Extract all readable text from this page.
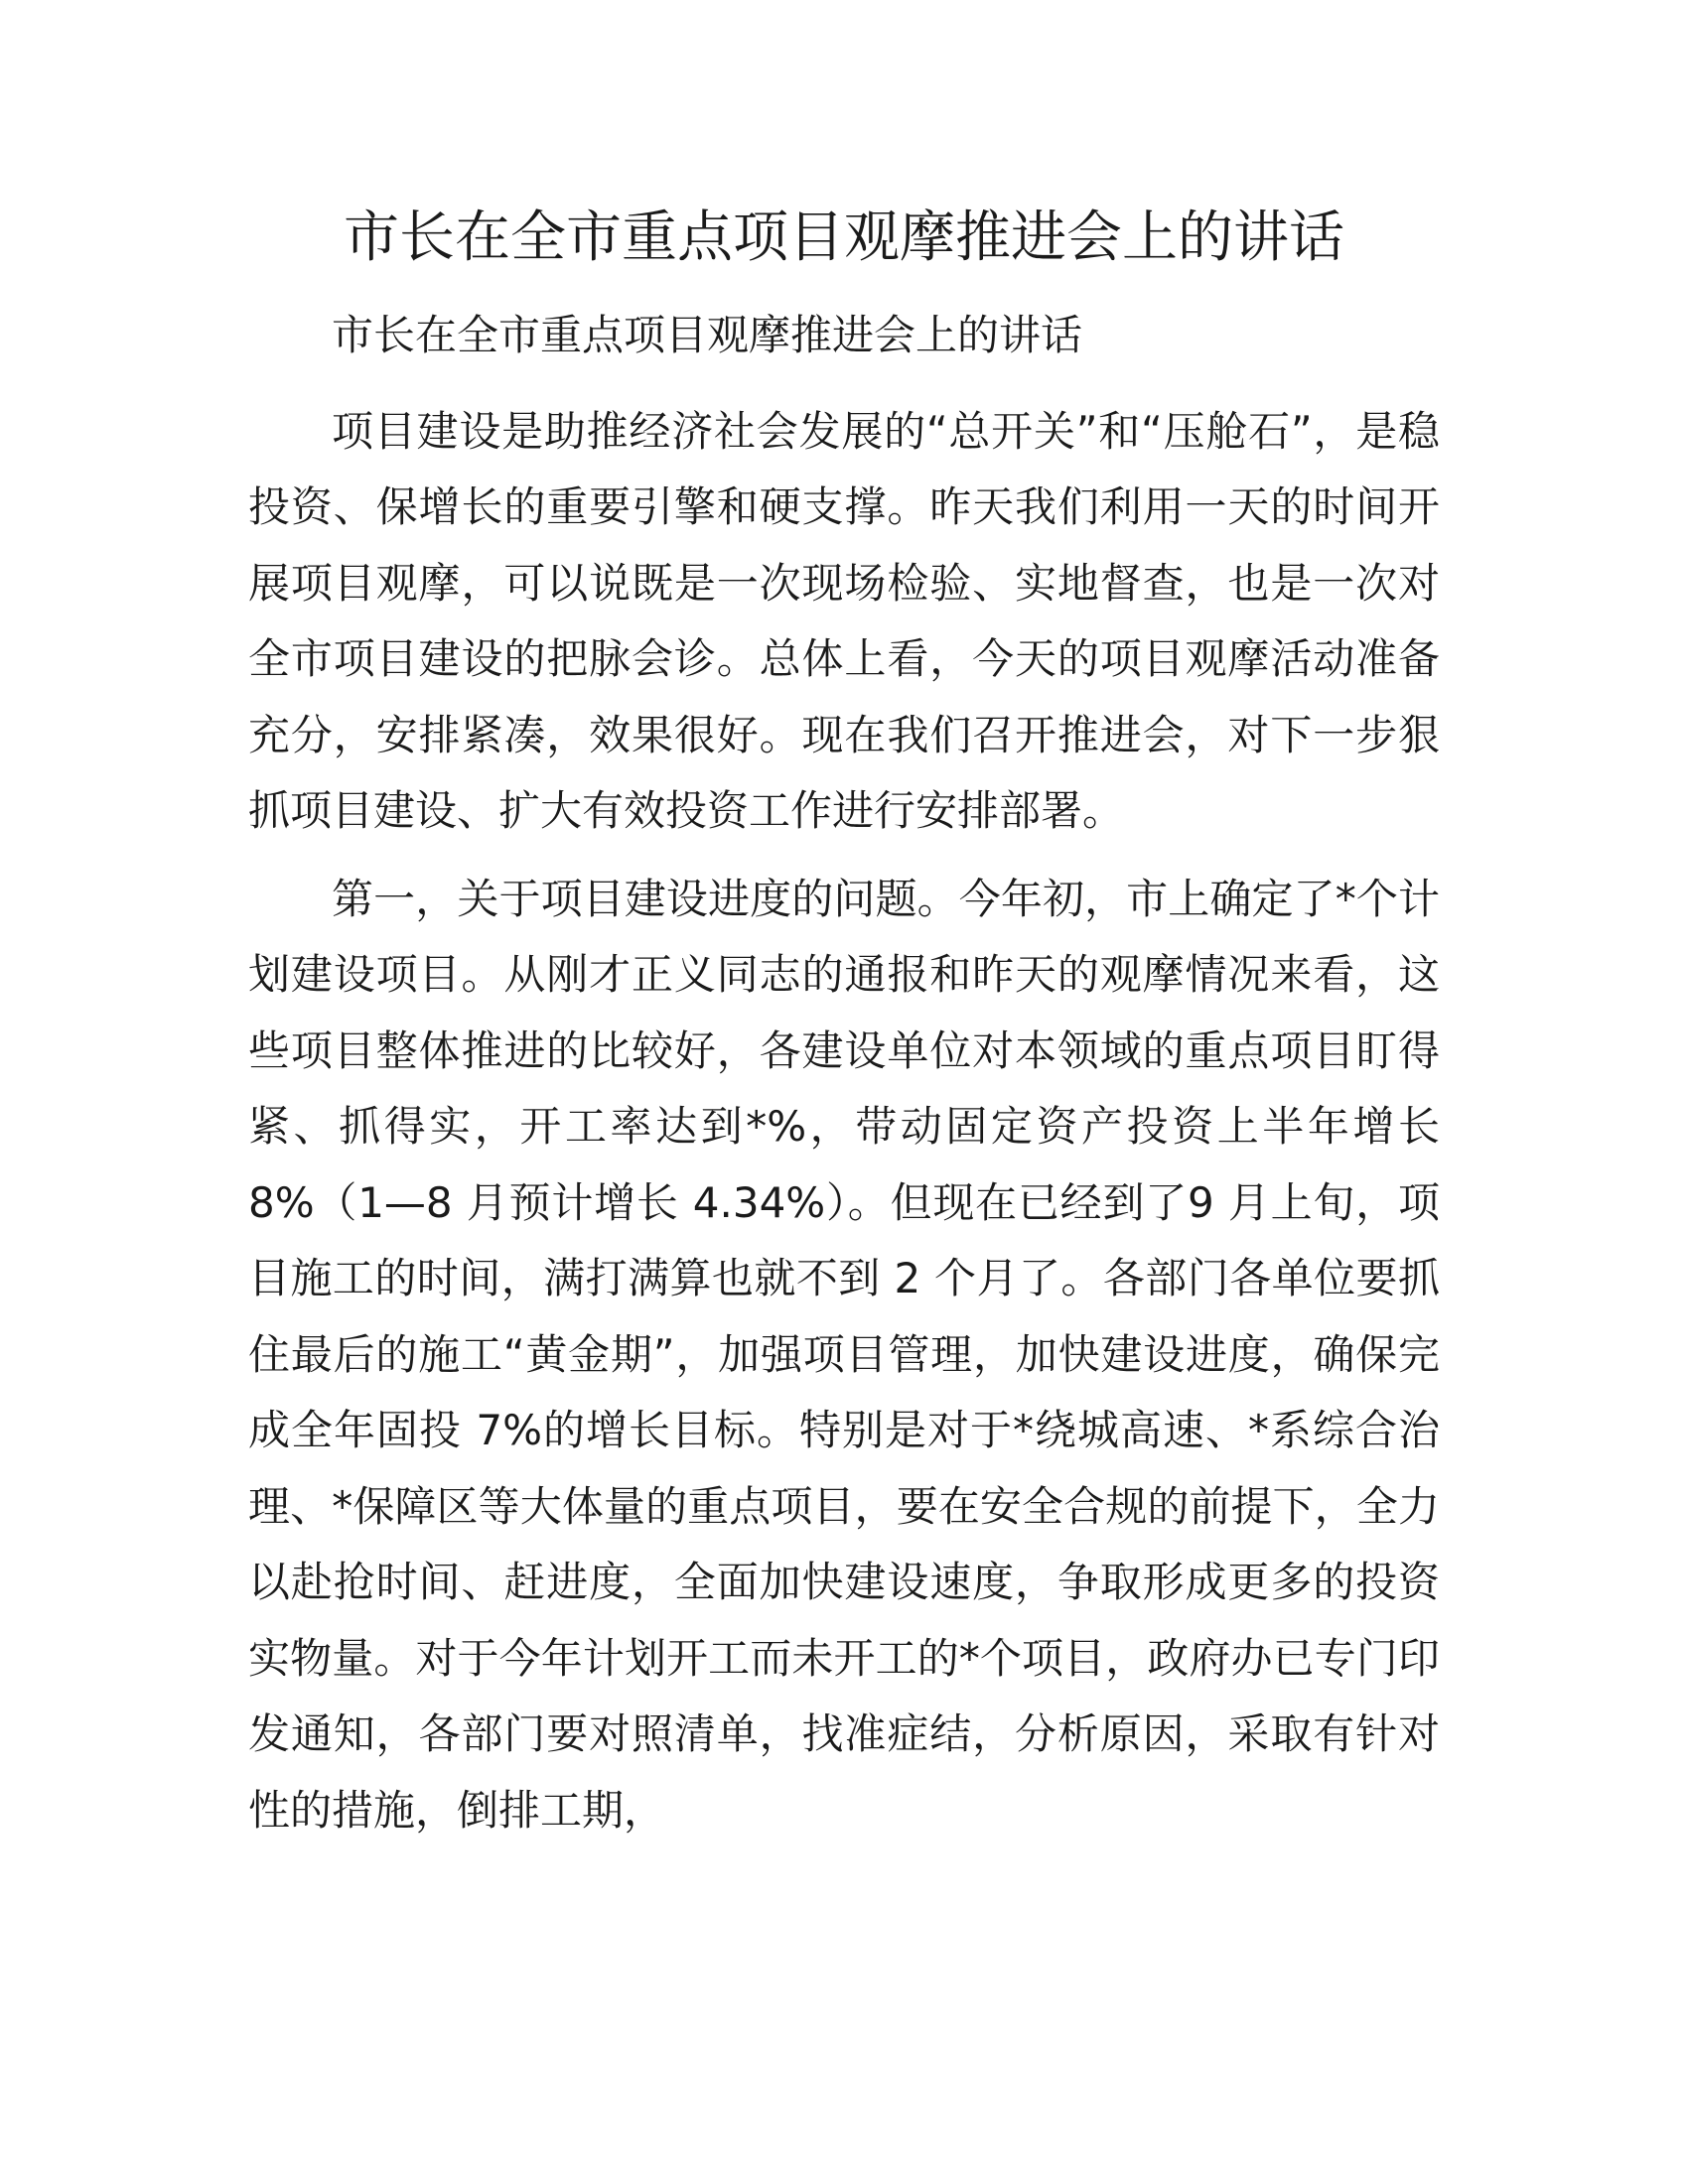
市长在全市重点项目观摩推进会上的讲话

市长在全市重点项目观摩推进会上的讲话

项目建设是助推经济社会发展的“总开关”和“压舱石”，是稳投资、保增长的重要引擎和硬支撑。昨天我们利用一天的时间开展项目观摩，可以说既是一次现场检验、实地督查，也是一次对全市项目建设的把脉会诊。总体上看，今天的项目观摩活动准备充分，安排紧凑，效果很好。现在我们召开推进会，对下一步狠抓项目建设、扩大有效投资工作进行安排部署。

第一，关于项目建设进度的问题。今年初，市上确定了*个计划建设项目。从刚才正义同志的通报和昨天的观摩情况来看，这些项目整体推进的比较好，各建设单位对本领域的重点项目盯得紧、抓得实，开工率达到*%，带动固定资产投资上半年增长 8%（1—8 月预计增长 4.34%）。但现在已经到了9 月上旬，项目施工的时间，满打满算也就不到 2 个月了。各部门各单位要抓住最后的施工“黄金期”，加强项目管理，加快建设进度，确保完成全年固投 7%的增长目标。特别是对于*绕城高速、*系综合治理、*保障区等大体量的重点项目，要在安全合规的前提下，全力以赴抢时间、赶进度，全面加快建设速度，争取形成更多的投资实物量。对于今年计划开工而未开工的*个项目，政府办已专门印发通知，各部门要对照清单，找准症结，分析原因，采取有针对性的措施，倒排工期，
